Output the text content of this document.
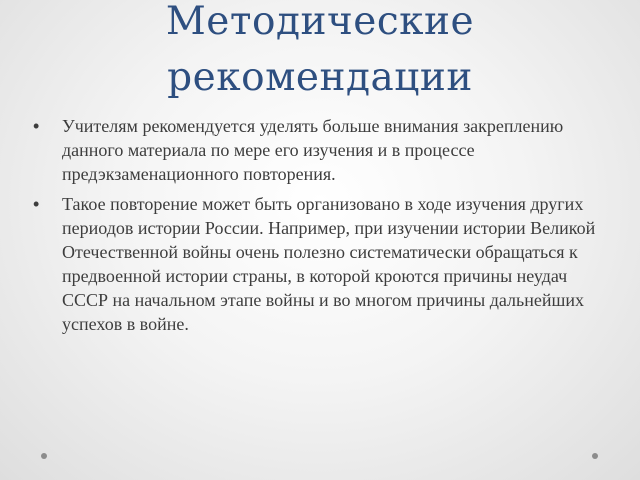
Методические
рекомендации
• Учителям рекомендуется уделять больше внимания закреплению данного материала по мере его изучения и в процессе предэкзаменационного повторения.
• Такое повторение может быть организовано в ходе изучения других периодов истории России. Например, при изучении истории Великой Отечественной войны очень полезно систематически обращаться к предвоенной истории страны, в которой кроются причины неудач СССР на начальном этапе войны и во многом причины дальнейших успехов в войне.
